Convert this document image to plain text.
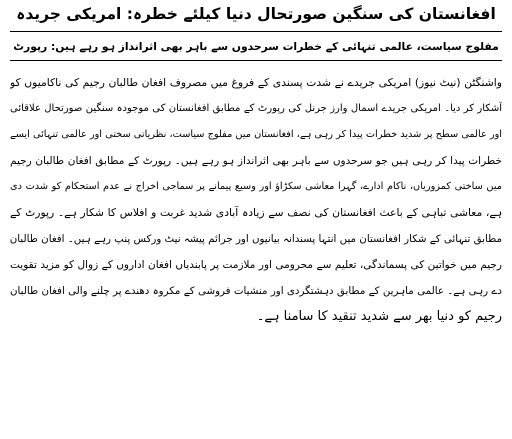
افغانستان کی سنگین صورتحال دنیا کیلئے خطرہ: امریکی جریدہ
مفلوج سیاست، عالمی تنہائی کے خطرات سرحدوں سے باہر بھی اثرانداز ہو رہے ہیں: رپورٹ
واشنگٹن (نیٹ نیوز) امریکی جریدے نے شدت پسندی کے فروغ میں مصروف افغان طالبان رجیم کی ناکامیوں کو
آشکار کر دیا۔ امریکی جریدے اسمال وارز جرنل کی رپورٹ کے مطابق افغانستان کی موجودہ سنگین صورتحال علاقائی
اور عالمی سطح پر شدید خطرات پیدا کر رہی ہے، افغانستان میں مفلوج سیاست، نظریاتی سختی اور عالمی تنہائی ایسے
خطرات پیدا کر رہی ہیں جو سرحدوں سے باہر بھی اثرانداز ہو رہے ہیں۔ رپورٹ کے مطابق افغان طالبان رجیم
میں ساختی کمزوریاں، ناکام ادارے، گہرا معاشی سکڑاؤ اور وسیع پیمانے پر سماجی اخراج نے عدم استحکام کو شدت دی
ہے، معاشی تباہی کے باعث افغانستان کی نصف سے زیادہ آبادی شدید غربت و افلاس کا شکار ہے۔ رپورٹ کے
مطابق تنہائی کے شکار افغانستان میں انتہا پسندانہ بیانیوں اور جرائم پیشہ نیٹ ورکس پنپ رہے ہیں۔ افغان طالبان
رجیم میں خواتین کی پسماندگی، تعلیم سے محرومی اور ملازمت پر پابندیاں افغان اداروں کے زوال کو مزید تقویت
دے رہی ہے۔ عالمی ماہرین کے مطابق دہشتگردی اور منشیات فروشی کے مکروہ دھندے پر چلنے والی افغان طالبان
رجیم کو دنیا بھر سے شدید تنقید کا سامنا ہے۔
